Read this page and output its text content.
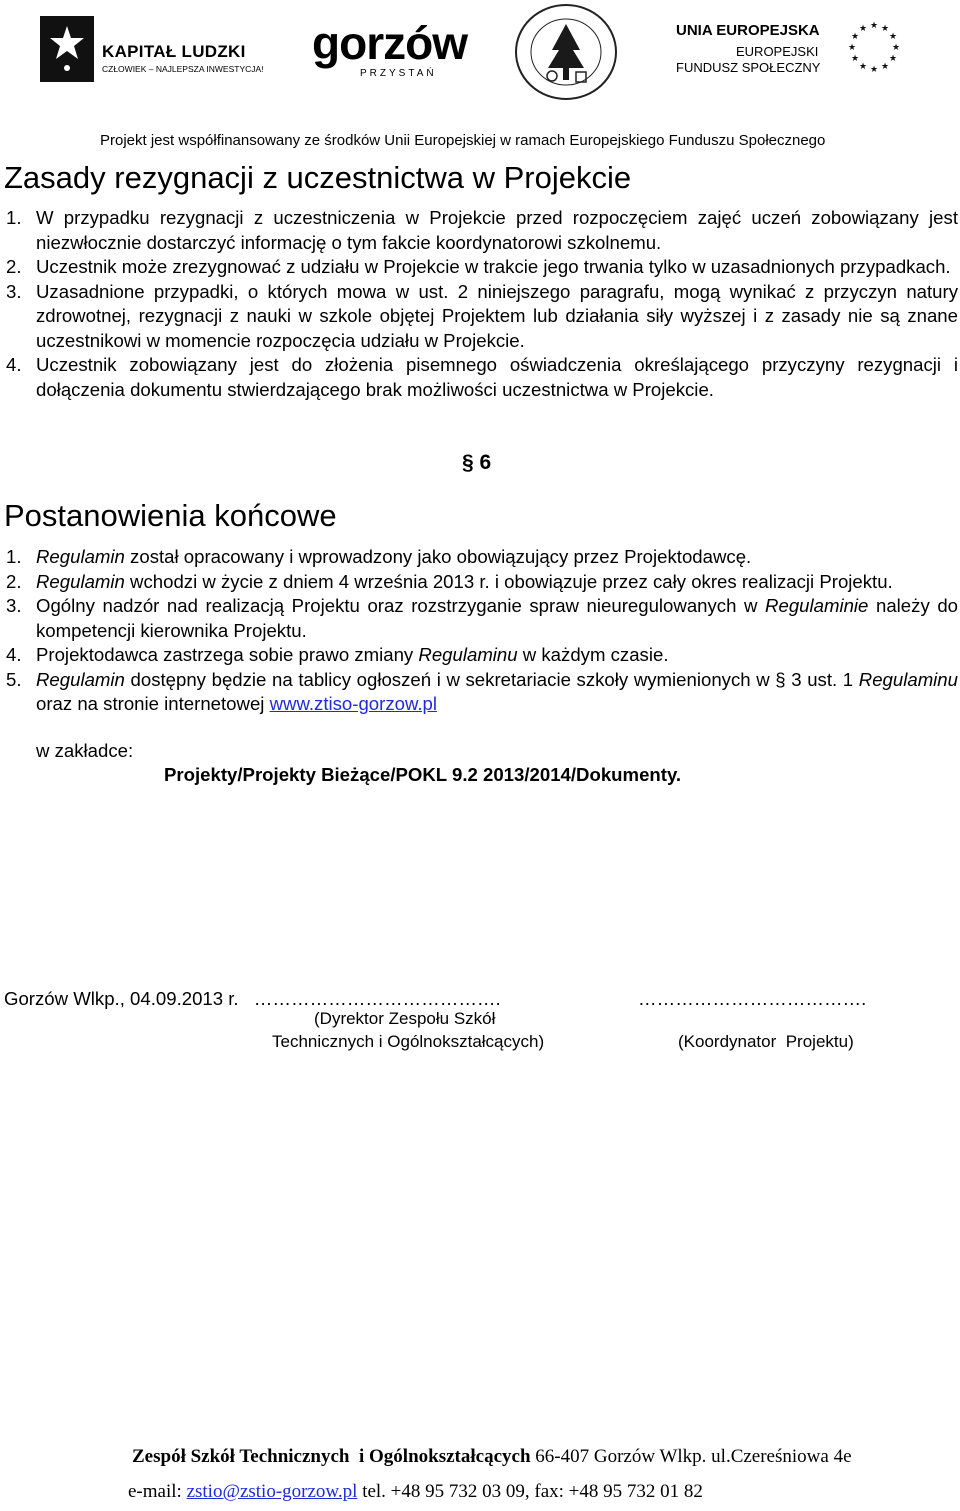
KAPITAŁ LUDZKI
CZŁOWIEK – NAJLEPSZA INWESTYCJA! gorzów
PRZYSTAŃ
UNIA EUROPEJSKA
EUROPEJSKI
FUNDUSZ SPOŁECZNY
★ ★
★
★
★
★
★
★
★
★
★
★
Projekt jest współfinansowany ze środków Unii Europejskiej w ramach Europejskiego Funduszu Społecznego
Zasady rezygnacji z uczestnictwa w Projekcie
1. W przypadku rezygnacji z uczestniczenia w Projekcie przed rozpoczęciem zajęć uczeń zobowiązany jest niezwłocznie dostarczyć informację o tym fakcie koordynatorowi szkolnemu.
2. Uczestnik może zrezygnować z udziału w Projekcie w trakcie jego trwania tylko w uzasadnionych przypadkach.
3. Uzasadnione przypadki, o których mowa w ust. 2 niniejszego paragrafu, mogą wynikać z przyczyn natury zdrowotnej, rezygnacji z nauki w szkole objętej Projektem lub działania siły wyższej i z zasady nie są znane uczestnikowi w momencie rozpoczęcia udziału w Projekcie.
4. Uczestnik zobowiązany jest do złożenia pisemnego oświadczenia określającego przyczyny rezygnacji i dołączenia dokumentu stwierdzającego brak możliwości uczestnictwa w Projekcie.
§ 6
Postanowienia końcowe
1. Regulamin został opracowany i wprowadzony jako obowiązujący przez Projektodawcę.
2. Regulamin wchodzi w życie z dniem 4 września 2013 r. i obowiązuje przez cały okres realizacji Projektu.
3. Ogólny nadzór nad realizacją Projektu oraz rozstrzyganie spraw nieuregulowanych w Regulaminie należy do kompetencji kierownika Projektu.
4. Projektodawca zastrzega sobie prawo zmiany Regulaminu w każdym czasie.
5. Regulamin dostępny będzie na tablicy ogłoszeń i w sekretariacie szkoły wymienionych w § 3 ust. 1 Regulaminu oraz na stronie internetowej www.ztiso-gorzow.pl
w zakładce:
Projekty/Projekty Bieżące/POKL 9.2 2013/2014/Dokumenty.
Gorzów Wlkp., 04.09.2013 r. ………………………………….	……………………………….
(Dyrektor Zespołu Szkół
Technicznych i Ogólnokształcących)	(Koordynator  Projektu)
Zespół Szkół Technicznych  i Ogólnokształcących 66-407 Gorzów Wlkp. ul.Czereśniowa 4e
e-mail: zstio@zstio-gorzow.pl tel. +48 95 732 03 09, fax: +48 95 732 01 82
